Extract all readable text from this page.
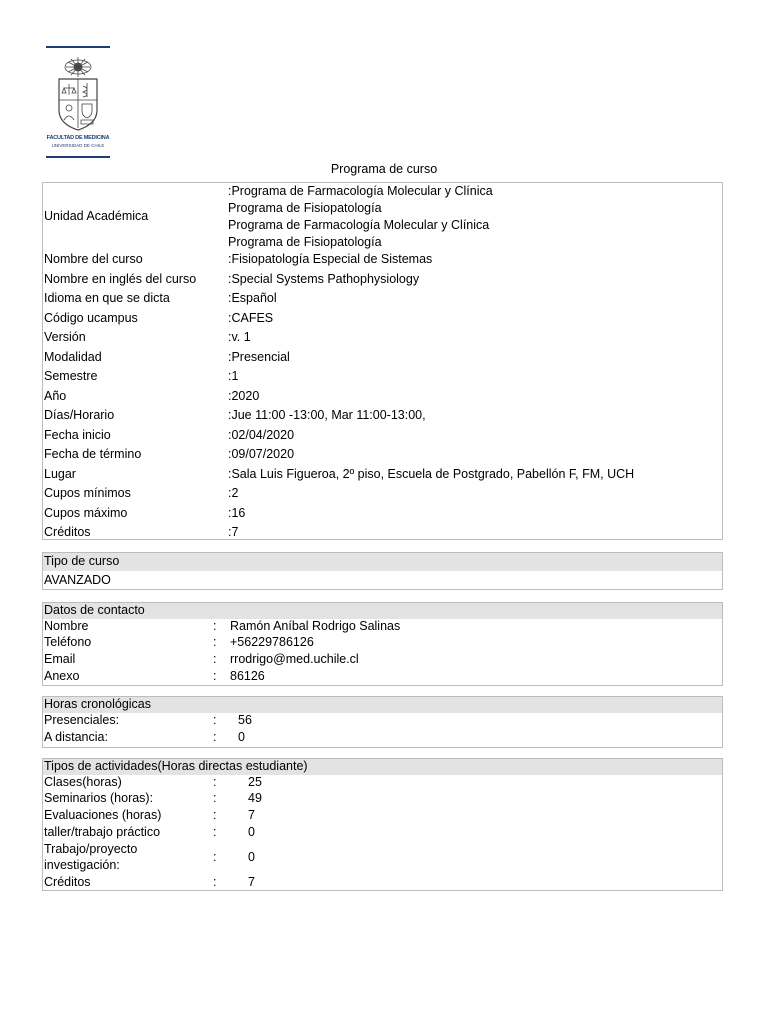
FACULTAD DE MEDICINA
UNIVERSIDAD DE CHILE
Programa de curso
Unidad Académica
:Programa de Farmacología Molecular y Clínica
Programa de Fisiopatología
Programa de Farmacología Molecular y Clínica
Programa de Fisiopatología
Nombre del curso	:Fisiopatología Especial de Sistemas
Nombre en inglés del curso	:Special Systems Pathophysiology
Idioma en que se dicta	:Español
Código ucampus	:CAFES
Versión	:v. 1
Modalidad	:Presencial
Semestre	:1
Año	:2020
Días/Horario	:Jue 11:00 -13:00, Mar 11:00-13:00,
Fecha inicio	:02/04/2020
Fecha de término	:09/07/2020
Lugar	:Sala Luis Figueroa, 2º piso, Escuela de Postgrado, Pabellón F, FM, UCH
Cupos mínimos	:2
Cupos máximo	:16
Créditos	:7
Tipo de curso
AVANZADO
Datos de contacto
Nombre	: Ramón Aníbal Rodrigo Salinas
Teléfono	: +56229786126
Email	: rrodrigo@med.uchile.cl
Anexo	: 86126
Horas cronológicas
Presenciales:	: 56
A distancia:	: 0
Tipos de actividades(Horas directas estudiante)
Clases(horas)	:	25
Seminarios (horas):	:	49
Evaluaciones (horas)	:	7
taller/trabajo práctico	:	0
Trabajo/proyecto
investigación:
:	0
Créditos	:	7
